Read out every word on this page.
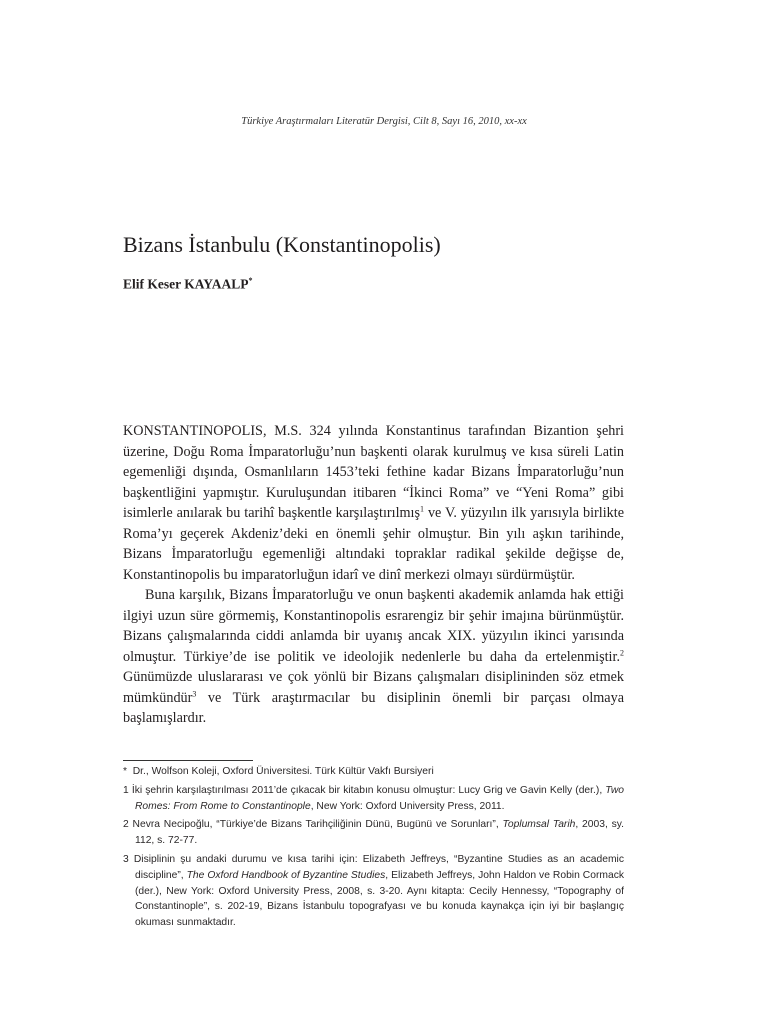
Türkiye Araştırmaları Literatür Dergisi, Cilt 8, Sayı 16, 2010, xx-xx
Bizans İstanbulu (Konstantinopolis)
Elif Keser KAYAALP*

KONSTANTINOPOLIS, M.S. 324 yılında Konstantinus tarafından Bizantion şehri üzerine, Doğu Roma İmparatorluğu’nun başkenti olarak kurulmuş ve kısa süreli Latin egemenliği dışında, Osmanlıların 1453’teki fethine kadar Bizans İmparatorluğu’nun başkentliğini yapmıştır. Kuruluşundan itibaren “İkinci Roma” ve “Yeni Roma” gibi isimlerle anılarak bu tarihî başkentle karşılaştırılmış$^1$ ve V. yüzyılın ilk yarısıyla birlikte Roma’yı geçerek Akdeniz’deki en önemli şehir olmuştur. Bin yılı aşkın tarihinde, Bizans İmparatorluğu egemenliği altındaki topraklar radikal şekilde değişse de, Konstantinopolis bu imparatorluğun idarî ve dinî merkezi olmayı sürdürmüştür.

Buna karşılık, Bizans İmparatorluğu ve onun başkenti akademik anlamda hak ettiği ilgiyi uzun süre görmemiş, Konstantinopolis esrarengiz bir şehir imajına bürünmüştür. Bizans çalışmalarında ciddi anlamda bir uyanış ancak XIX. yüzyılın ikinci yarısında olmuştur. Türkiye’de ise politik ve ideolojik nedenlerle bu daha da ertelenmiştir.$^2$ Günümüzde uluslararası ve çok yönlü bir Bizans çalışmaları disiplininden söz etmek mümkündür$^3$ ve Türk araştırmacılar bu disiplinin önemli bir parçası olmaya başlamışlardır.

* Dr., Wolfson Koleji, Oxford Üniversitesi. Türk Kültür Vakfı Bursiyeri

1 İki şehrin karşılaştırılması 2011’de çıkacak bir kitabın konusu olmuştur: Lucy Grig ve Gavin Kelly (der.), Two Romes: From Rome to Constantinople, New York: Oxford University Press, 2011.

2 Nevra Necipoğlu, “Türkiye’de Bizans Tarihçiliğinin Dünü, Bugünü ve Sorunları”, Toplumsal Tarih, 2003, sy. 112, s. 72-77.

3 Disiplinin şu andaki durumu ve kısa tarihi için: Elizabeth Jeffreys, “Byzantine Studies as an academic discipline”, The Oxford Handbook of Byzantine Studies, Elizabeth Jeffreys, John Haldon ve Robin Cormack (der.), New York: Oxford University Press, 2008, s. 3-20. Aynı kitapta: Cecily Hennessy, “Topography of Constantinople”, s. 202-19, Bizans İstanbulu topografyası ve bu konuda kaynakça için iyi bir başlangıç okuması sunmaktadır.
